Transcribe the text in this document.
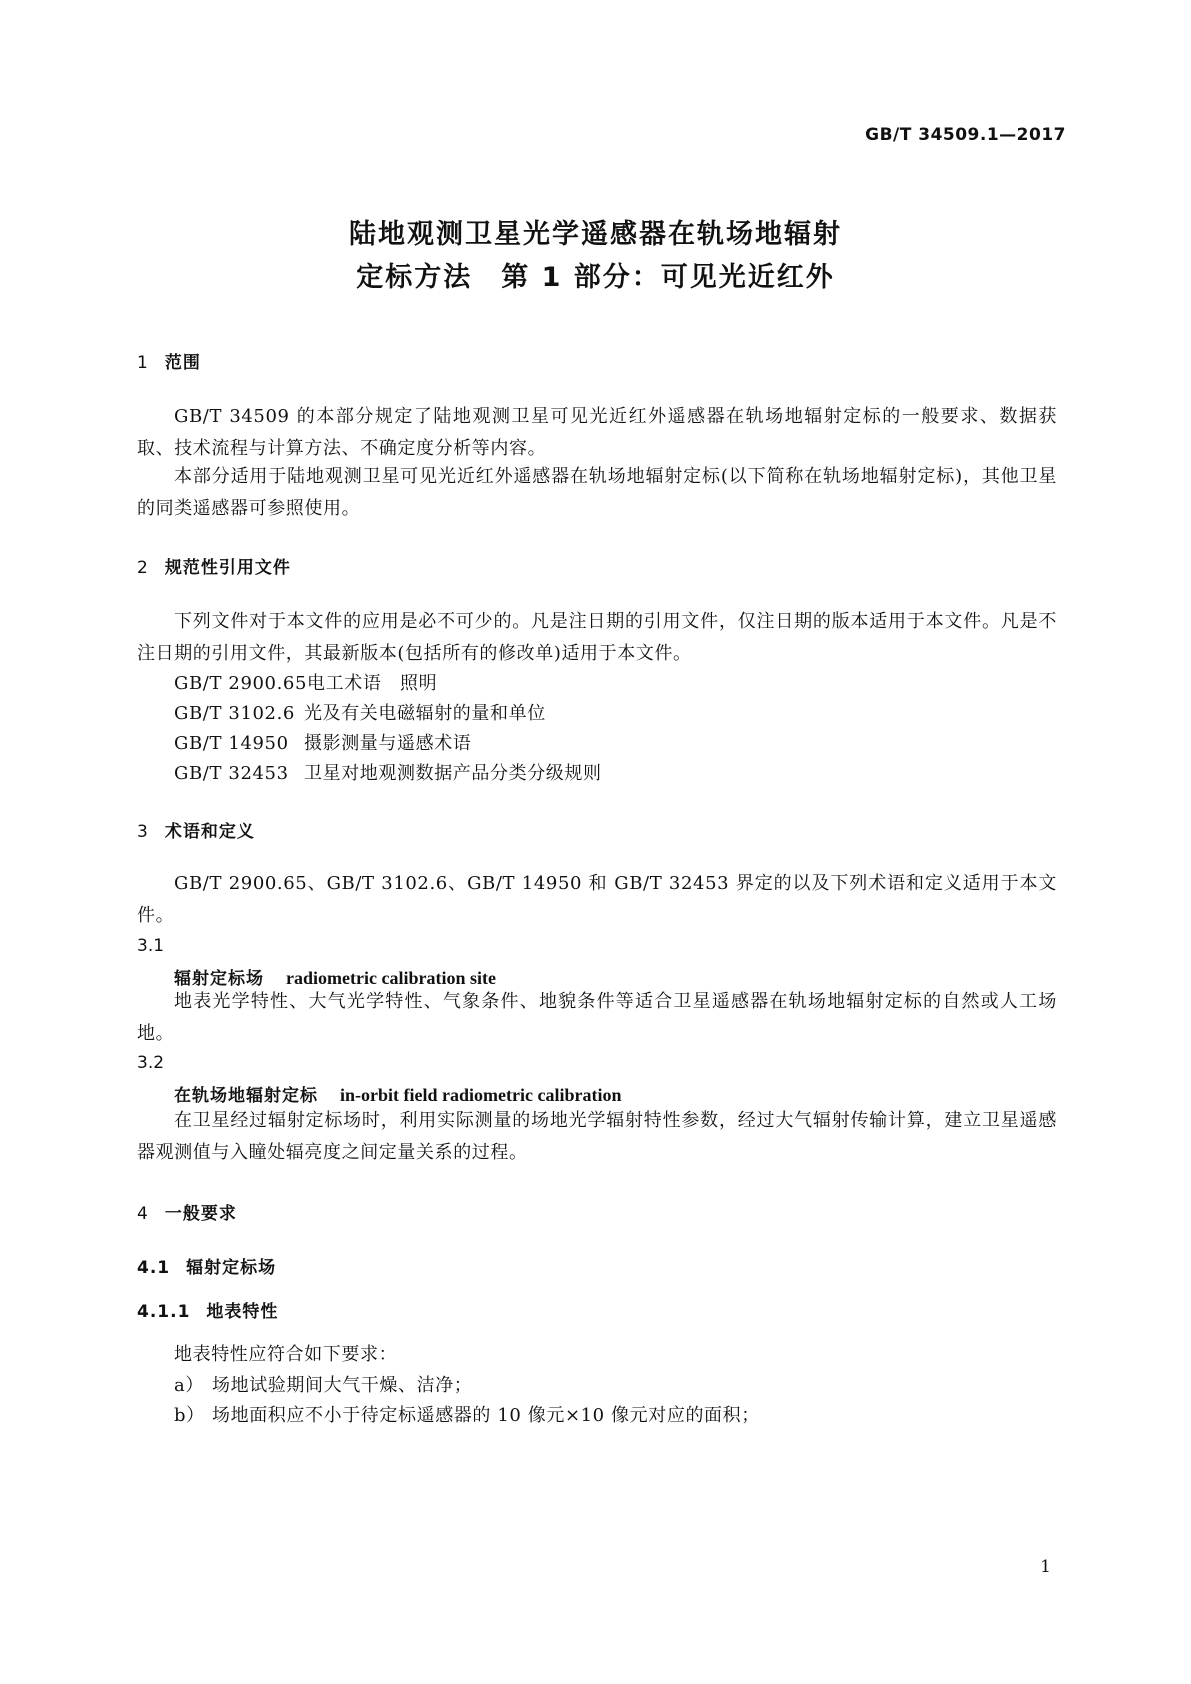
GB/T 34509.1—2017
陆地观测卫星光学遥感器在轨场地辐射
定标方法　第 1 部分：可见光近红外
1 范围
GB/T 34509 的本部分规定了陆地观测卫星可见光近红外遥感器在轨场地辐射定标的一般要求、数据获取、技术流程与计算方法、不确定度分析等内容。
本部分适用于陆地观测卫星可见光近红外遥感器在轨场地辐射定标(以下简称在轨场地辐射定标)，其他卫星的同类遥感器可参照使用。
2 规范性引用文件
下列文件对于本文件的应用是必不可少的。凡是注日期的引用文件，仅注日期的版本适用于本文件。凡是不注日期的引用文件，其最新版本(包括所有的修改单)适用于本文件。
GB/T 2900.65电工术语　照明
GB/T 3102.6 光及有关电磁辐射的量和单位
GB/T 14950 摄影测量与遥感术语
GB/T 32453 卫星对地观测数据产品分类分级规则
3 术语和定义
GB/T 2900.65、GB/T 3102.6、GB/T 14950 和 GB/T 32453 界定的以及下列术语和定义适用于本文件。
3.1
辐射定标场 radiometric calibration site
地表光学特性、大气光学特性、气象条件、地貌条件等适合卫星遥感器在轨场地辐射定标的自然或人工场地。
3.2
在轨场地辐射定标 in-orbit field radiometric calibration
在卫星经过辐射定标场时，利用实际测量的场地光学辐射特性参数，经过大气辐射传输计算，建立卫星遥感器观测值与入瞳处辐亮度之间定量关系的过程。
4 一般要求
4.1 辐射定标场
4.1.1 地表特性
地表特性应符合如下要求：
a） 场地试验期间大气干燥、洁净；
b） 场地面积应不小于待定标遥感器的 10 像元×10 像元对应的面积；
1
